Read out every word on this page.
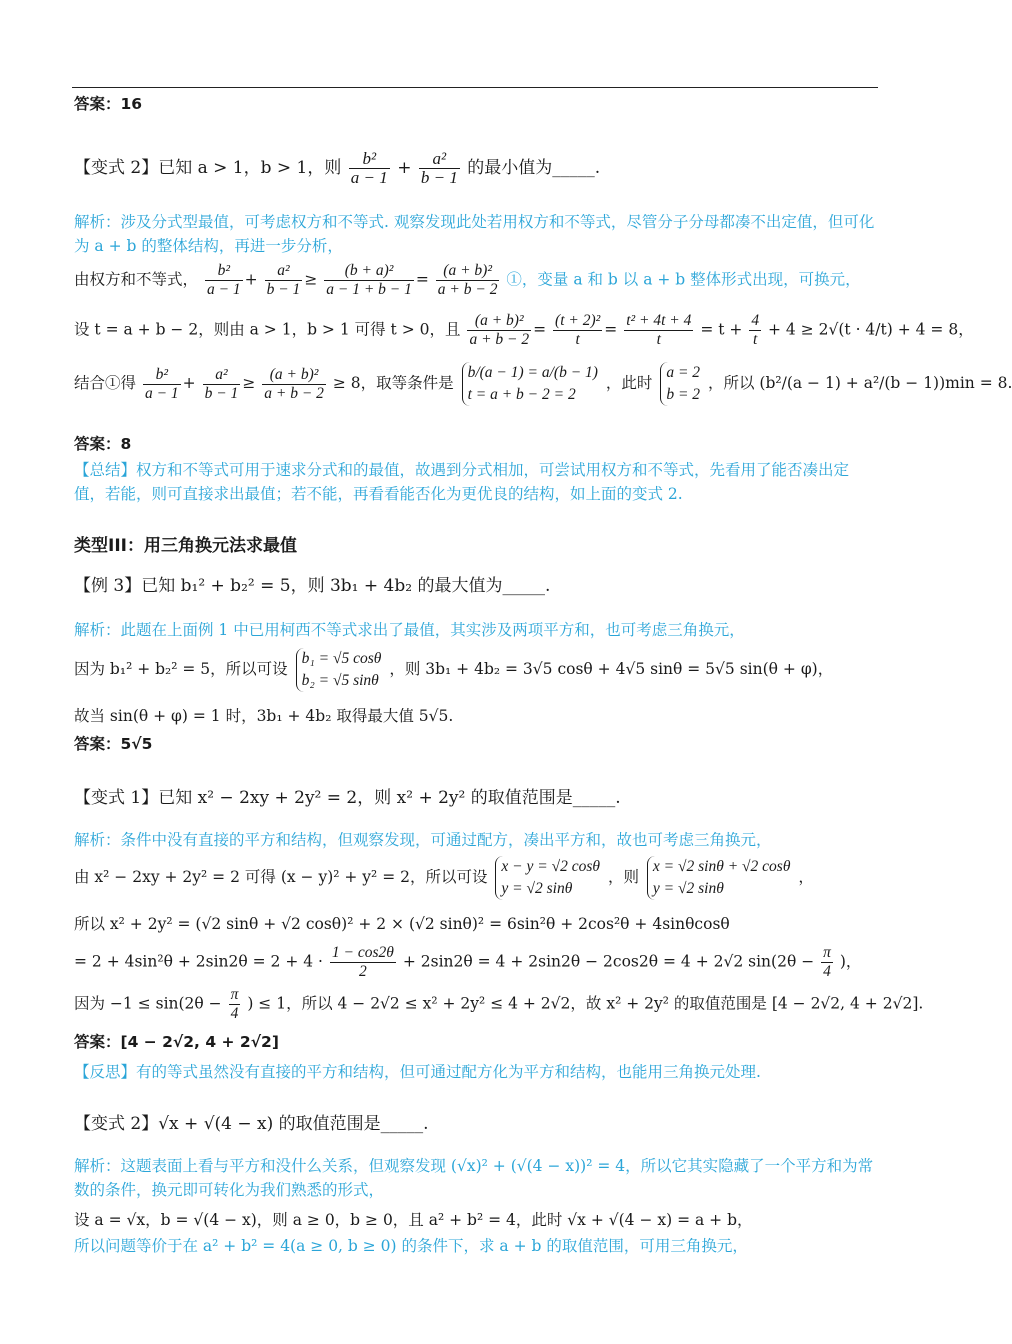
答案：16
【变式 2】已知 a > 1，b > 1，则 $\frac{\text{b²}}{a - 1} + \frac{\text{a²}}{b - 1}$ 的最小值为_____.
解析：涉及分式型最值，可考虑权方和不等式. 观察发现此处若用权方和不等式，尽管分子分母都凑不出定值，但可化为 a + b 的整体结构，再进一步分析，
由权方和不等式， $\frac{\text{b²}}{a - 1} + \frac{\text{a²}}{b - 1} \ge \frac{\text{(b + a)²}}{a - 1 + b - 1} = \frac{\text{(a + b)²}}{a + b - 2}$ ①，变量 a 和 b 以 a + b 整体形式出现，可换元，
设 t = a + b − 2，则由 a > 1，b > 1 可得 t > 0，且 $\frac{\text{(a + b)²}}{a + b - 2} = \frac{\text{(t + 2)²}}{t} = \frac{\text{t² + 4t + 4}}{t} = t + \frac{4}{t} + 4 \ge 2√(t \cdot 4/t) + 4 = 8$，
结合①得 $\frac{\text{b²}}{a - 1} + \frac{\text{a²}}{b - 1} \ge \frac{\text{(a + b)²}}{a + b - 2} \ge 8$，取等条件是
b/(a − 1) = a/(b − 1)
t = a + b − 2 = 2
，此时
a = 2
b = 2
，所以 (b²/(a − 1) + a²/(b − 1))min = 8.
答案：8
【总结】权方和不等式可用于速求分式和的最值，故遇到分式相加，可尝试用权方和不等式，先看用了能否凑出定值，若能，则可直接求出最值；若不能，再看看能否化为更优良的结构，如上面的变式 2.
类型III：用三角换元法求最值
【例 3】已知 b₁² + b₂² = 5，则 3b₁ + 4b₂ 的最大值为_____.
解析：此题在上面例 1 中已用柯西不等式求出了最值，其实涉及两项平方和，也可考虑三角换元，
因为 b₁² + b₂² = 5，所以可设
b₁ = √5 cosθ
b₂ = √5 sinθ
，则 3b₁ + 4b₂ = 3√5 cosθ + 4√5 sinθ = 5√5 sin(θ + φ)，
故当 sin(θ + φ) = 1 时，3b₁ + 4b₂ 取得最大值 5√5.
答案：5√5
【变式 1】已知 x² − 2xy + 2y² = 2，则 x² + 2y² 的取值范围是_____.
解析：条件中没有直接的平方和结构，但观察发现，可通过配方，凑出平方和，故也可考虑三角换元，
由 x² − 2xy + 2y² = 2 可得 (x − y)² + y² = 2，所以可设
x − y = √2 cosθ
y = √2 sinθ
，则
x = √2 sinθ + √2 cosθ
y = √2 sinθ
，
所以 x² + 2y² = (√2 sinθ + √2 cosθ)² + 2 × (√2 sinθ)² = 6sin²θ + 2cos²θ + 4sinθcosθ
= $2 + 4\sin^2\theta + 2\sin 2\theta = 2 + 4 \cdot \frac{1 - \cos 2\theta}{2} + 2\sin 2\theta = 4 + 2\sin 2\theta - 2\cos 2\theta = 4 + 2√2$ $\sin(2\theta - \frac{\pi}{4}$ )，
因为 $-1 \le \sin(2\theta - \frac{\pi}{4}$ ) ≤ 1，所以 4 − 2√2 ≤ x² + 2y² ≤ 4 + 2√2，故 x² + 2y² 的取值范围是 [4 − 2√2, 4 + 2√2].
答案：[4 − 2√2, 4 + 2√2]
【反思】有的等式虽然没有直接的平方和结构，但可通过配方化为平方和结构，也能用三角换元处理.
【变式 2】√x + √(4 − x) 的取值范围是_____.
解析：这题表面上看与平方和没什么关系，但观察发现 (√x)² + (√(4 − x))² = 4，所以它其实隐藏了一个平方和为常数的条件，换元即可转化为我们熟悉的形式，
设 a = √x，b = √(4 − x)，则 a ≥ 0，b ≥ 0，且 a² + b² = 4，此时 √x + √(4 − x) = a + b，
所以问题等价于在 a² + b² = 4(a ≥ 0, b ≥ 0) 的条件下，求 a + b 的取值范围，可用三角换元，
